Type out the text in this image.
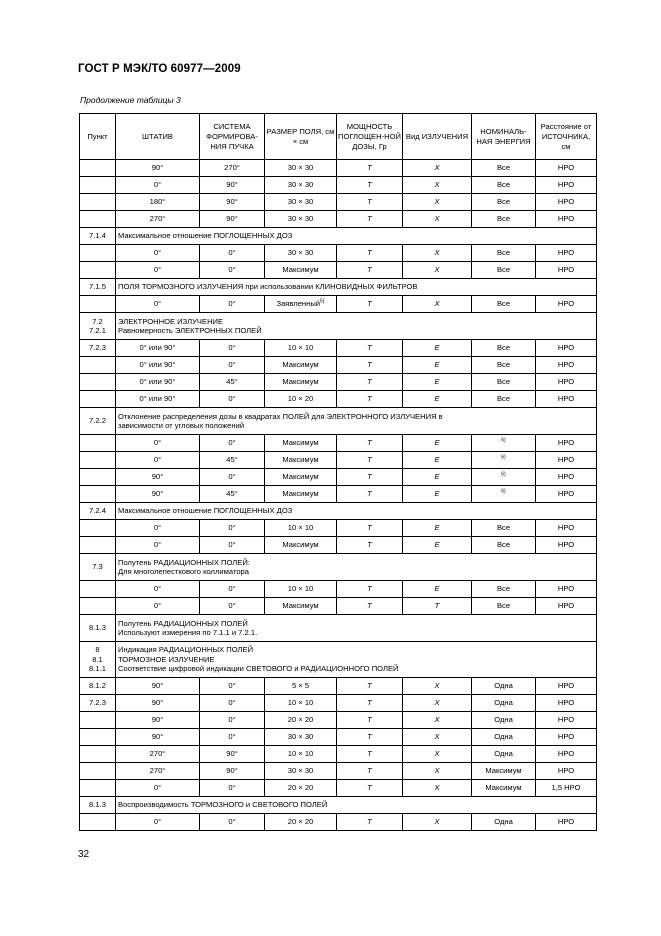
ГОСТ Р МЭК/ТО 60977—2009
Продолжение таблицы 3
Пункт	ШТАТИВ	СИСТЕМА ФОРМИРОВА-НИЯ ПУЧКА	РАЗМЕР ПОЛЯ, см × см	МОЩНОСТЬ ПОГЛОЩЕН-НОЙ ДОЗЫ, Гр	Вид ИЗЛУЧЕНИЯ	НОМИНАЛЬ-НАЯ ЭНЕРГИЯ	Расстояние от ИСТОЧНИКА, см
	90°	270°	30 × 30	T	X	Все	НРО
	0°	90°	30 × 30	T	X	Все	НРО
	180°	90°	30 × 30	T	X	Все	НРО
	270°	90°	30 × 30	T	X	Все	НРО
7.1.4	Максимальное отношение ПОГЛОЩЕННЫХ ДОЗ						
	0°	0°	30 × 30	T	X	Все	НРО
	0°	0°	Максимум	T	X	Все	НРО
7.1.5	ПОЛЯ ТОРМОЗНОГО ИЗЛУЧЕНИЯ при использовании КЛИНОВИДНЫХ ФИЛЬТРОВ						
	0°	0°	Заявленный$^{5)}$	T	X	Все	НРО
7.2
7.2.1	ЭЛЕКТРОННОЕ ИЗЛУЧЕНИЕ
Равномерность ЭЛЕКТРОННЫХ ПОЛЕЙ						
7.2.3	0° или 90°	0°	10 × 10	T	E	Все	НРО
	0° или 90°	0°	Максимум	T	E	Все	НРО
	0° или 90°	45°	Максимум	T	E	Все	НРО
	0° или 90°	0°	10 × 20	T	E	Все	НРО
7.2.2	Отклонение распределения дозы в квадратах ПОЛЕЙ для ЭЛЕКТРОННОГО ИЗЛУЧЕНИЯ в
зависимости от угловых положений						
	0°	0°	Максимум	T	E	$^{6)}$	НРО
	0°	45°	Максимум	T	E	$^{6)}$	НРО
	90°	0°	Максимум	T	E	$^{6)}$	НРО
	90°	45°	Максимум	T	E	$^{6)}$	НРО
7.2.4	Максимальное отношение ПОГЛОЩЕННЫХ ДОЗ						
	0°	0°	10 × 10	T	E	Все	НРО
	0°	0°	Максимум	T	E	Все	НРО
7.3	Полутень РАДИАЦИОННЫХ ПОЛЕЙ:
Для многолепесткового коллиматора						
	0°	0°	10 × 10	T	E	Все	НРО
	0°	0°	Максимум	T	T	Все	НРО
8.1.3	Полутень РАДИАЦИОННЫХ ПОЛЕЙ
Используют измерения по 7.1.1 и 7.2.1.						
8
8.1
8.1.1	Индикация РАДИАЦИОННЫХ ПОЛЕЙ
ТОРМОЗНОЕ ИЗЛУЧЕНИЕ
Соответствие цифровой индикации СВЕТОВОГО и РАДИАЦИОННОГО ПОЛЕЙ						
8.1.2	90°	0°	5 × 5	T	X	Одна	НРО
7.2.3	90°	0°	10 × 10	T	X	Одна	НРО
	90°	0°	20 × 20	T	X	Одна	НРО
	90°	0°	30 × 30	T	X	Одна	НРО
	270°	90°	10 × 10	T	X	Одна	НРО
	270°	90°	30 × 30	T	X	Максимум	НРО
	0°	0°	20 × 20	T	X	Максимум	1,5 НРО
8.1.3	Воспроизводимость ТОРМОЗНОГО и СВЕТОВОГО ПОЛЕЙ						
	0°	0°	20 × 20	T	X	Одна	НРО
32
